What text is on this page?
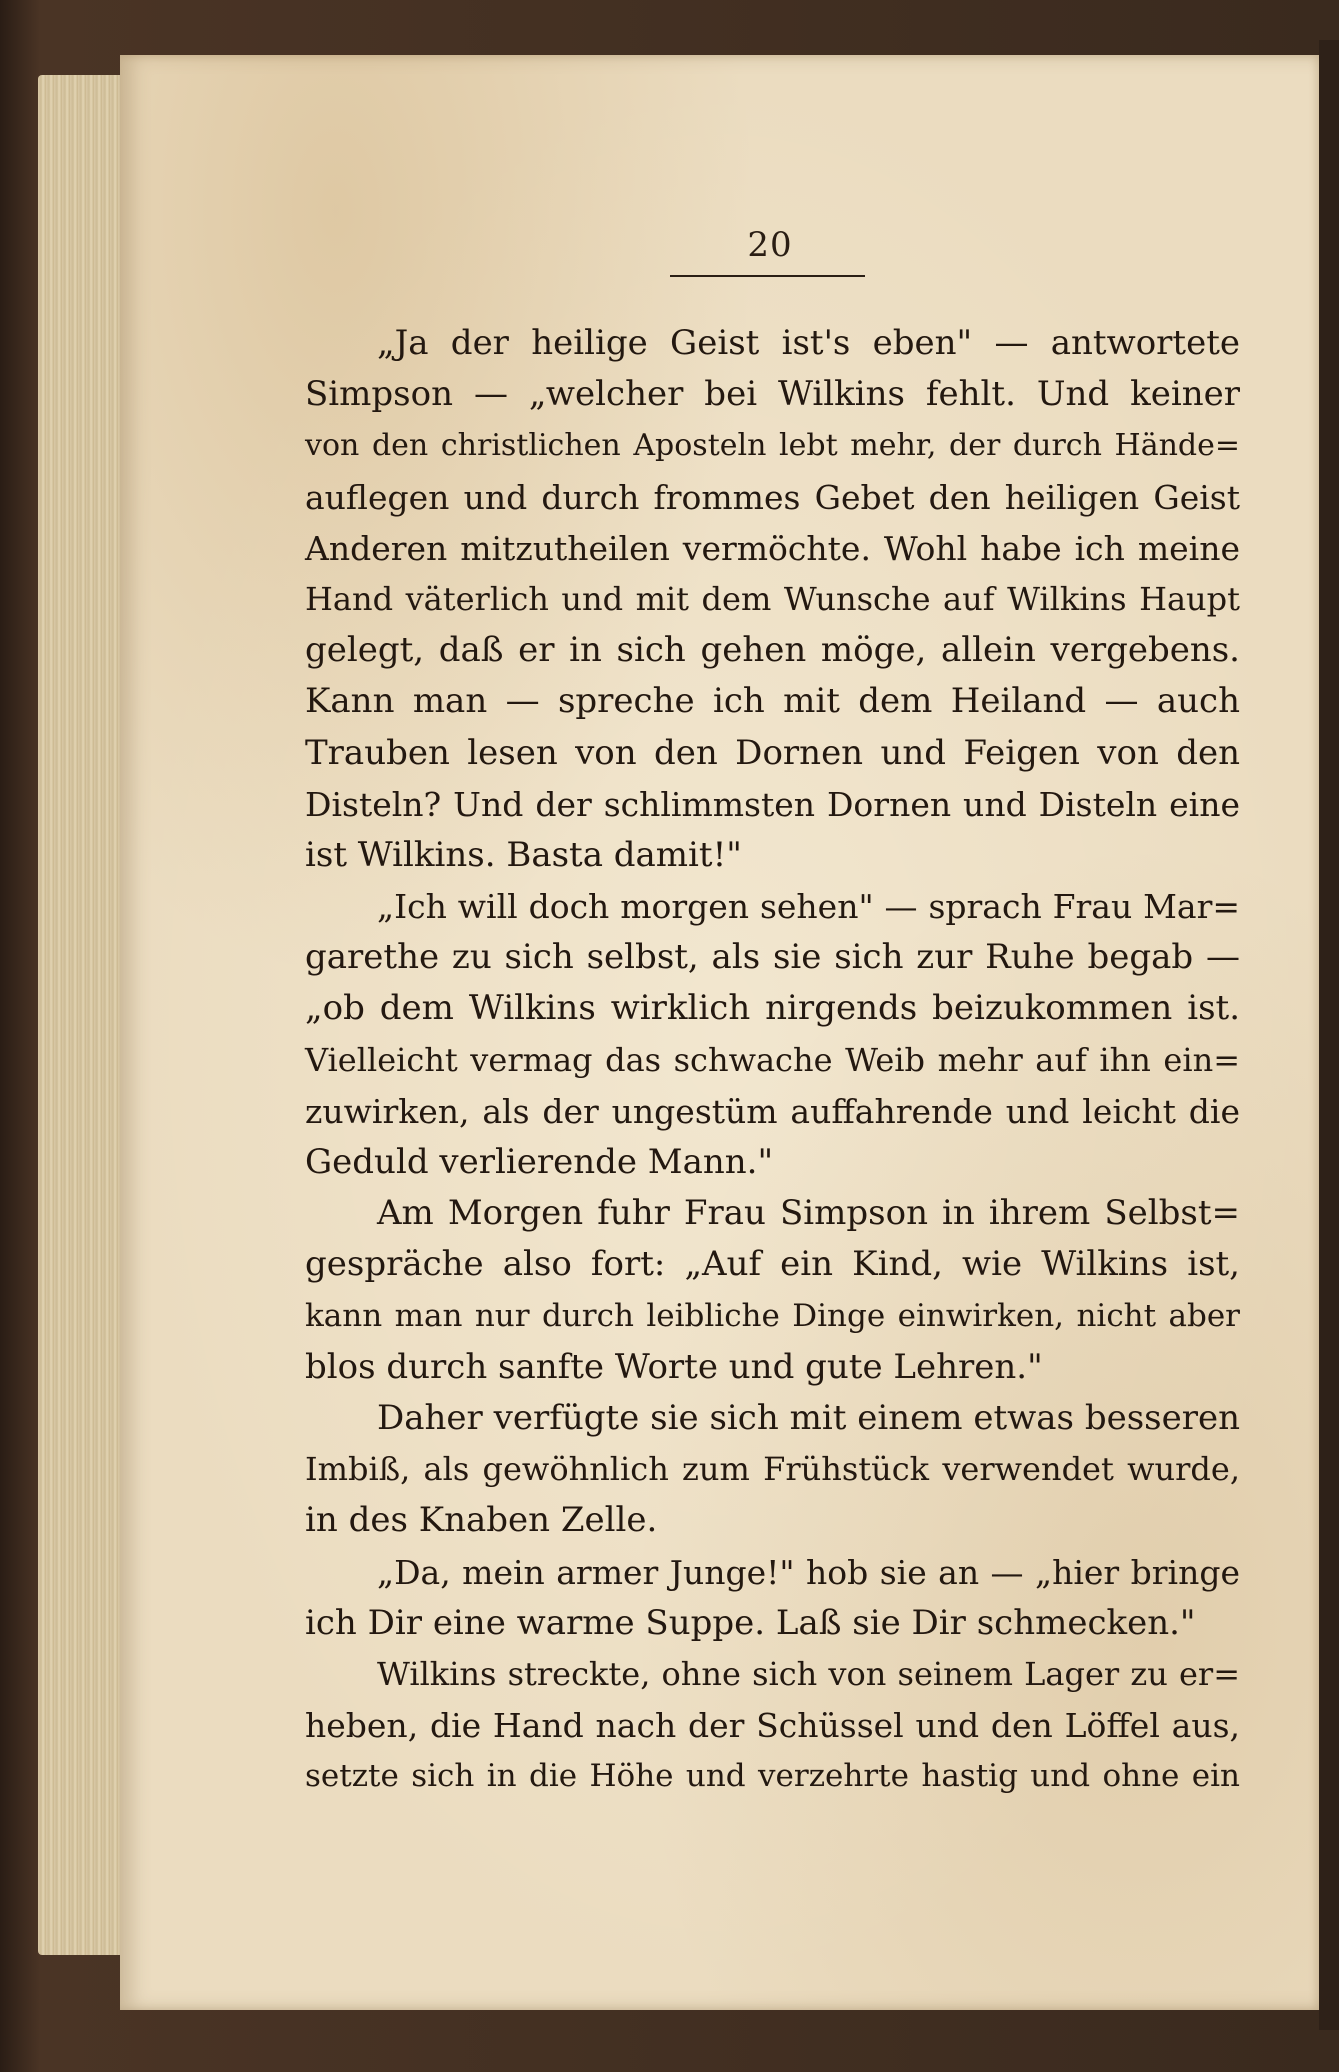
20
„Ja der heilige Geist ist's eben" — antwortete
Simpson — „welcher bei Wilkins fehlt. Und keiner
von den christlichen Aposteln lebt mehr, der durch Hände=
auflegen und durch frommes Gebet den heiligen Geist
Anderen mitzutheilen vermöchte. Wohl habe ich meine
Hand väterlich und mit dem Wunsche auf Wilkins Haupt
gelegt, daß er in sich gehen möge, allein vergebens.
Kann man — spreche ich mit dem Heiland — auch
Trauben lesen von den Dornen und Feigen von den
Disteln? Und der schlimmsten Dornen und Disteln eine
ist Wilkins. Basta damit!"
„Ich will doch morgen sehen" — sprach Frau Mar=
garethe zu sich selbst, als sie sich zur Ruhe begab —
„ob dem Wilkins wirklich nirgends beizukommen ist.
Vielleicht vermag das schwache Weib mehr auf ihn ein=
zuwirken, als der ungestüm auffahrende und leicht die
Geduld verlierende Mann."
Am Morgen fuhr Frau Simpson in ihrem Selbst=
gespräche also fort: „Auf ein Kind, wie Wilkins ist,
kann man nur durch leibliche Dinge einwirken, nicht aber
blos durch sanfte Worte und gute Lehren."
Daher verfügte sie sich mit einem etwas besseren
Imbiß, als gewöhnlich zum Frühstück verwendet wurde,
in des Knaben Zelle.
„Da, mein armer Junge!" hob sie an — „hier bringe
ich Dir eine warme Suppe. Laß sie Dir schmecken."
Wilkins streckte, ohne sich von seinem Lager zu er=
heben, die Hand nach der Schüssel und den Löffel aus,
setzte sich in die Höhe und verzehrte hastig und ohne ein
